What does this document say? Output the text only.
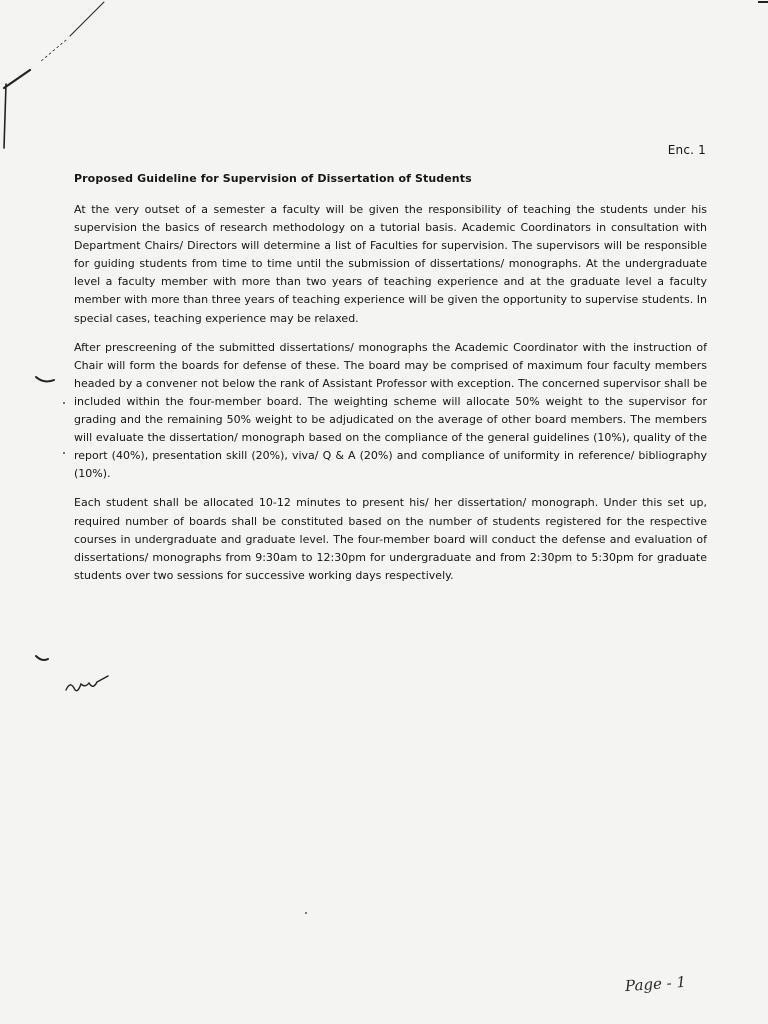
Enc. 1
Proposed Guideline for Supervision of Dissertation of Students

At the very outset of a semester a faculty will be given the responsibility of teaching the students under his supervision the basics of research methodology on a tutorial basis. Academic Coordinators in consultation with Department Chairs/ Directors will determine a list of Faculties for supervision. The supervisors will be responsible for guiding students from time to time until the submission of dissertations/ monographs. At the undergraduate level a faculty member with more than two years of teaching experience and at the graduate level a faculty member with more than three years of teaching experience will be given the opportunity to supervise students. In special cases, teaching experience may be relaxed.

After prescreening of the submitted dissertations/ monographs the Academic Coordinator with the instruction of Chair will form the boards for defense of these. The board may be comprised of maximum four faculty members headed by a convener not below the rank of Assistant Professor with exception. The concerned supervisor shall be included within the four-member board. The weighting scheme will allocate 50% weight to the supervisor for grading and the remaining 50% weight to be adjudicated on the average of other board members. The members will evaluate the dissertation/ monograph based on the compliance of the general guidelines (10%), quality of the report (40%), presentation skill (20%), viva/ Q & A (20%) and compliance of uniformity in reference/ bibliography (10%).

Each student shall be allocated 10-12 minutes to present his/ her dissertation/ monograph. Under this set up, required number of boards shall be constituted based on the number of students registered for the respective courses in undergraduate and graduate level. The four-member board will conduct the defense and evaluation of dissertations/ monographs from 9:30am to 12:30pm for undergraduate and from 2:30pm to 5:30pm for graduate students over two sessions for successive working days respectively.

Page - 1
